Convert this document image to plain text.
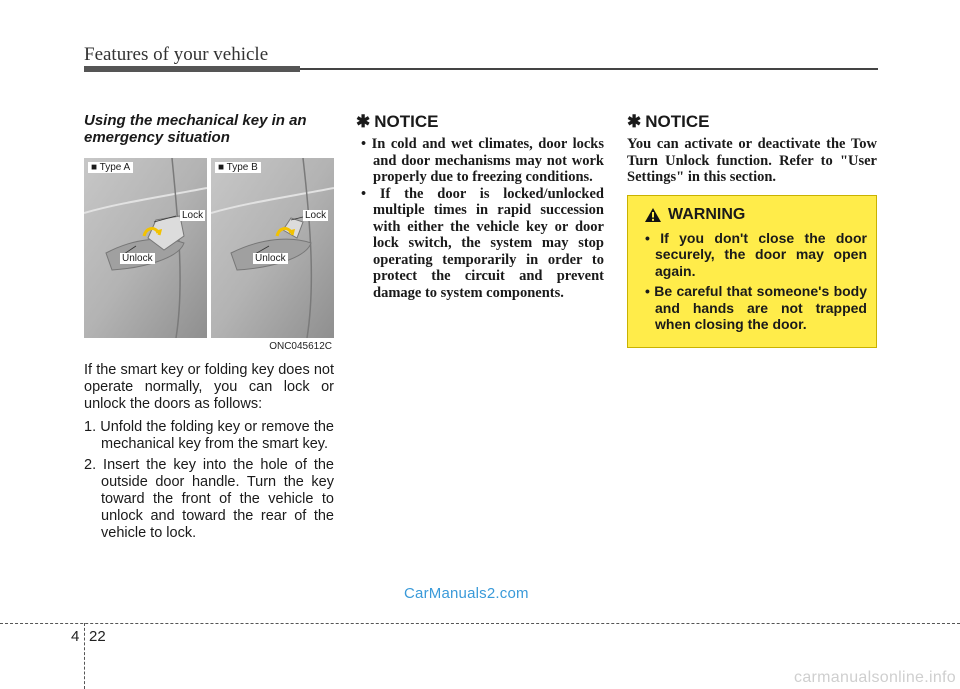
Features of your vehicle
Using the mechanical key in an emergency situation
■ Type A
Lock
Unlock
■ Type B
Lock
Unlock
ONC045612C

If the smart key or folding key does not operate normally, you can lock or unlock the doors as follows:

1. Unfold the folding key or remove the mechanical key from the smart key.
2. Insert the key into the hole of the outside door handle. Turn the key toward the front of the vehicle to unlock and toward the rear of the vehicle to lock.
✱ NOTICE
• In cold and wet climates, door locks and door mechanisms may not work properly due to freezing conditions.
• If the door is locked/unlocked multiple times in rapid succession with either the vehicle key or door lock switch, the system may stop operating temporarily in order to protect the circuit and prevent damage to system components.
✱ NOTICE

You can activate or deactivate the Tow Turn Unlock function. Refer to "User Settings" in this section.

WARNING
• If you don't close the door securely, the door may open again.
• Be careful that someone's body and hands are not trapped when closing the door.
CarManuals2.com
4 22
carmanualsonline.info
